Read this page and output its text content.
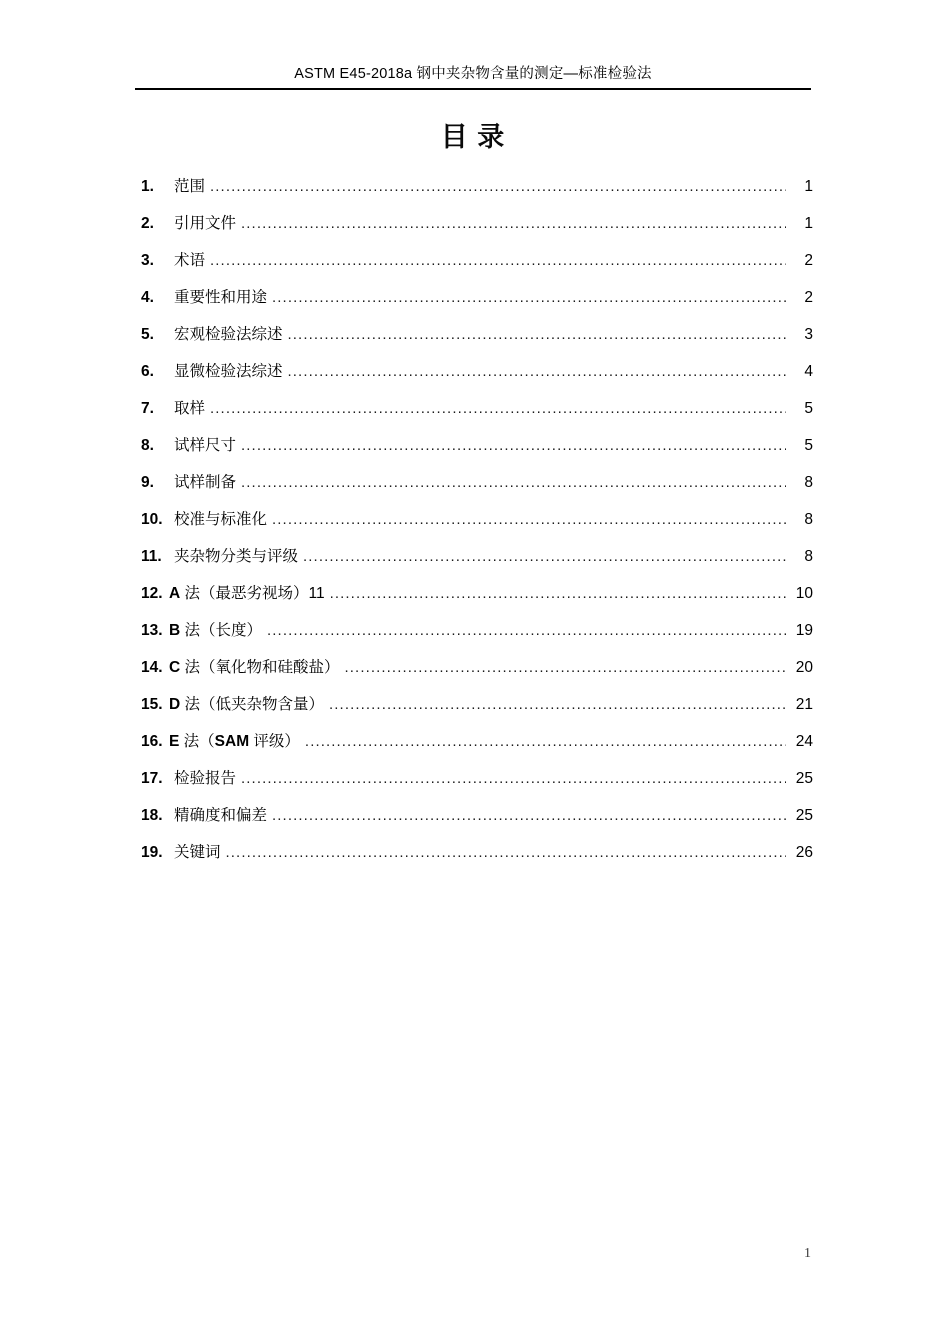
ASTM E45-2018a 钢中夹杂物含量的测定—标准检验法
目 录
1.	范围 .....	1
2.	引用文件 .....	1
3.	术语 .....	2
4.	重要性和用途 .....	2
5.	宏观检验法综述 .....	3
6.	显微检验法综述 .....	4
7.	取样 .....	5
8.	试样尺寸 .....	5
9.	试样制备 .....	8
10. 校准与标准化 .....	8
11. 夹杂物分类与评级 .....	8
12. A 法（最恶劣视场）11 .....	10
13. B 法（长度） .....	19
14. C 法（氧化物和硅酸盐） .....	20
15. D 法（低夹杂物含量） .....	21
16. E 法（SAM 评级） .....	24
17. 检验报告 .....	25
18. 精确度和偏差 .....	25
19. 关键词 .....	26
1
